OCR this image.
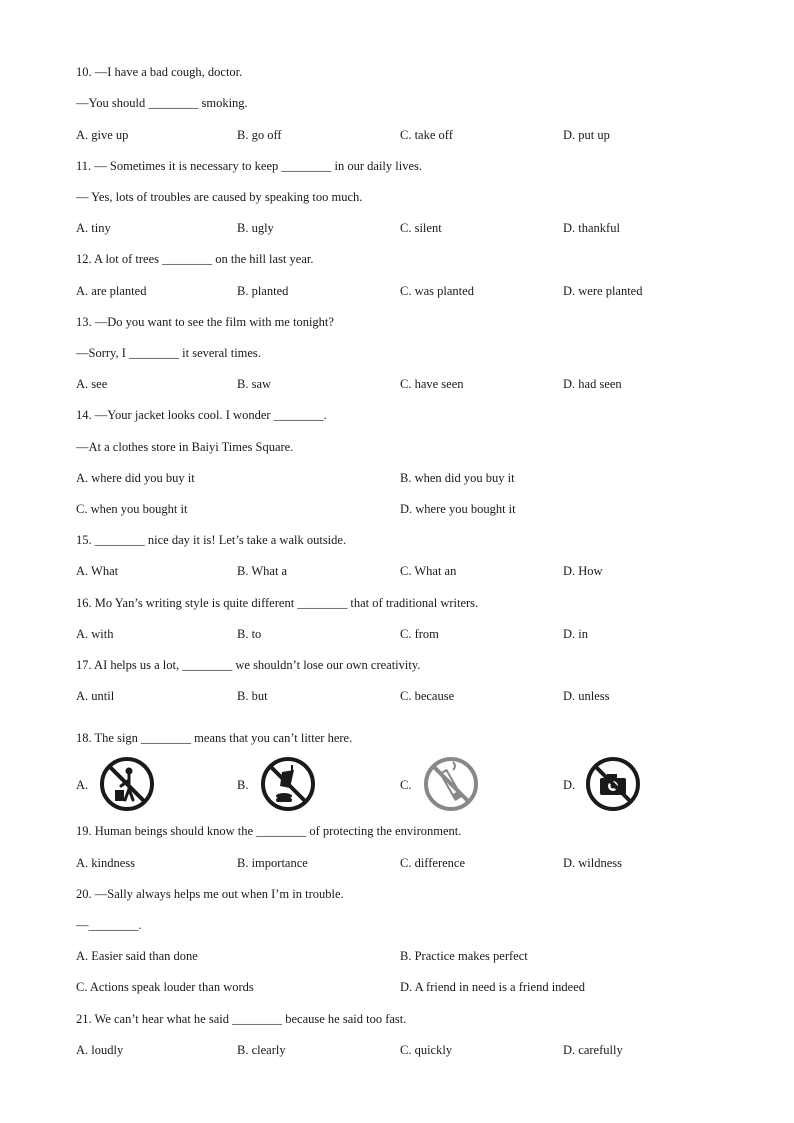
10. —I have a bad cough, doctor.
—You should ________ smoking.
A. give up	B. go off	C. take off	D. put up
11. — Sometimes it is necessary to keep ________ in our daily lives.
— Yes, lots of troubles are caused by speaking too much.
A. tiny	B. ugly	C. silent	D. thankful
12. A lot of trees ________ on the hill last year.
A. are planted	B. planted	C. was planted	D. were planted
13. —Do you want to see the film with me tonight?
—Sorry, I ________ it several times.
A. see	B. saw	C. have seen	D. had seen
14. —Your jacket looks cool. I wonder ________.
—At a clothes store in Baiyi Times Square.
A. where did you buy it	B. when did you buy it
C. when you bought it	D. where you bought it
15. ________ nice day it is! Let’s take a walk outside.
A. What	B. What a	C. What an	D. How
16. Mo Yan’s writing style is quite different ________ that of traditional writers.
A. with	B. to	C. from	D. in
17. AI helps us a lot, ________ we shouldn’t lose our own creativity.
A. until	B. but	C. because	D. unless
18. The sign ________ means that you can’t litter here.
A.	B.	C.	D.
19. Human beings should know the ________ of protecting the environment.
A. kindness	B. importance	C. difference	D. wildness
20. —Sally always helps me out when I’m in trouble.
—________.
A. Easier said than done	B. Practice makes perfect
C. Actions speak louder than words	D. A friend in need is a friend indeed
21. We can’t hear what he said ________ because he said too fast.
A. loudly	B. clearly	C. quickly	D. carefully
